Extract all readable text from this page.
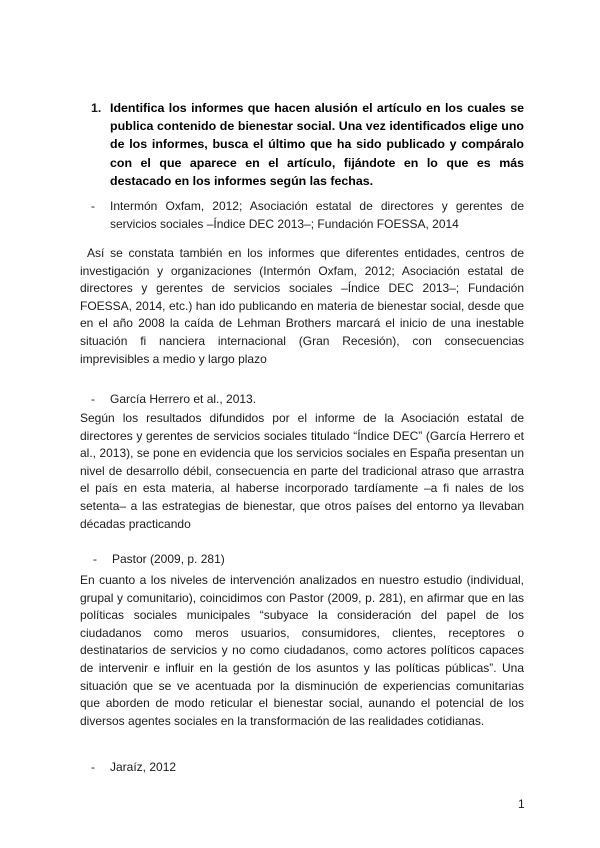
1. Identifica los informes que hacen alusión el artículo en los cuales se publica contenido de bienestar social. Una vez identificados elige uno de los informes, busca el último que ha sido publicado y compáralo con el que aparece en el artículo, fijándote en lo que es más destacado en los informes según las fechas.
- Intermón Oxfam, 2012; Asociación estatal de directores y gerentes de servicios sociales –Índice DEC 2013–; Fundación FOESSA, 2014
Así se constata también en los informes que diferentes entidades, centros de investigación y organizaciones (Intermón Oxfam, 2012; Asociación estatal de directores y gerentes de servicios sociales –Índice DEC 2013–; Fundación FOESSA, 2014, etc.) han ido publicando en materia de bienestar social, desde que en el año 2008 la caída de Lehman Brothers marcará el inicio de una inestable situación fi nanciera internacional (Gran Recesión), con consecuencias imprevisibles a medio y largo plazo
- García Herrero et al., 2013.
Según los resultados difundidos por el informe de la Asociación estatal de directores y gerentes de servicios sociales titulado “Índice DEC” (García Herrero et al., 2013), se pone en evidencia que los servicios sociales en España presentan un nivel de desarrollo débil, consecuencia en parte del tradicional atraso que arrastra el país en esta materia, al haberse incorporado tardíamente –a fi nales de los setenta– a las estrategias de bienestar, que otros países del entorno ya llevaban décadas practicando
- Pastor (2009, p. 281)
En cuanto a los niveles de intervención analizados en nuestro estudio (individual, grupal y comunitario), coincidimos con Pastor (2009, p. 281), en afirmar que en las políticas sociales municipales “subyace la consideración del papel de los ciudadanos como meros usuarios, consumidores, clientes, receptores o destinatarios de servicios y no como ciudadanos, como actores políticos capaces de intervenir e influir en la gestión de los asuntos y las políticas públicas”. Una situación que se ve acentuada por la disminución de experiencias comunitarias que aborden de modo reticular el bienestar social, aunando el potencial de los diversos agentes sociales en la transformación de las realidades cotidianas.
- Jaraíz, 2012
1
